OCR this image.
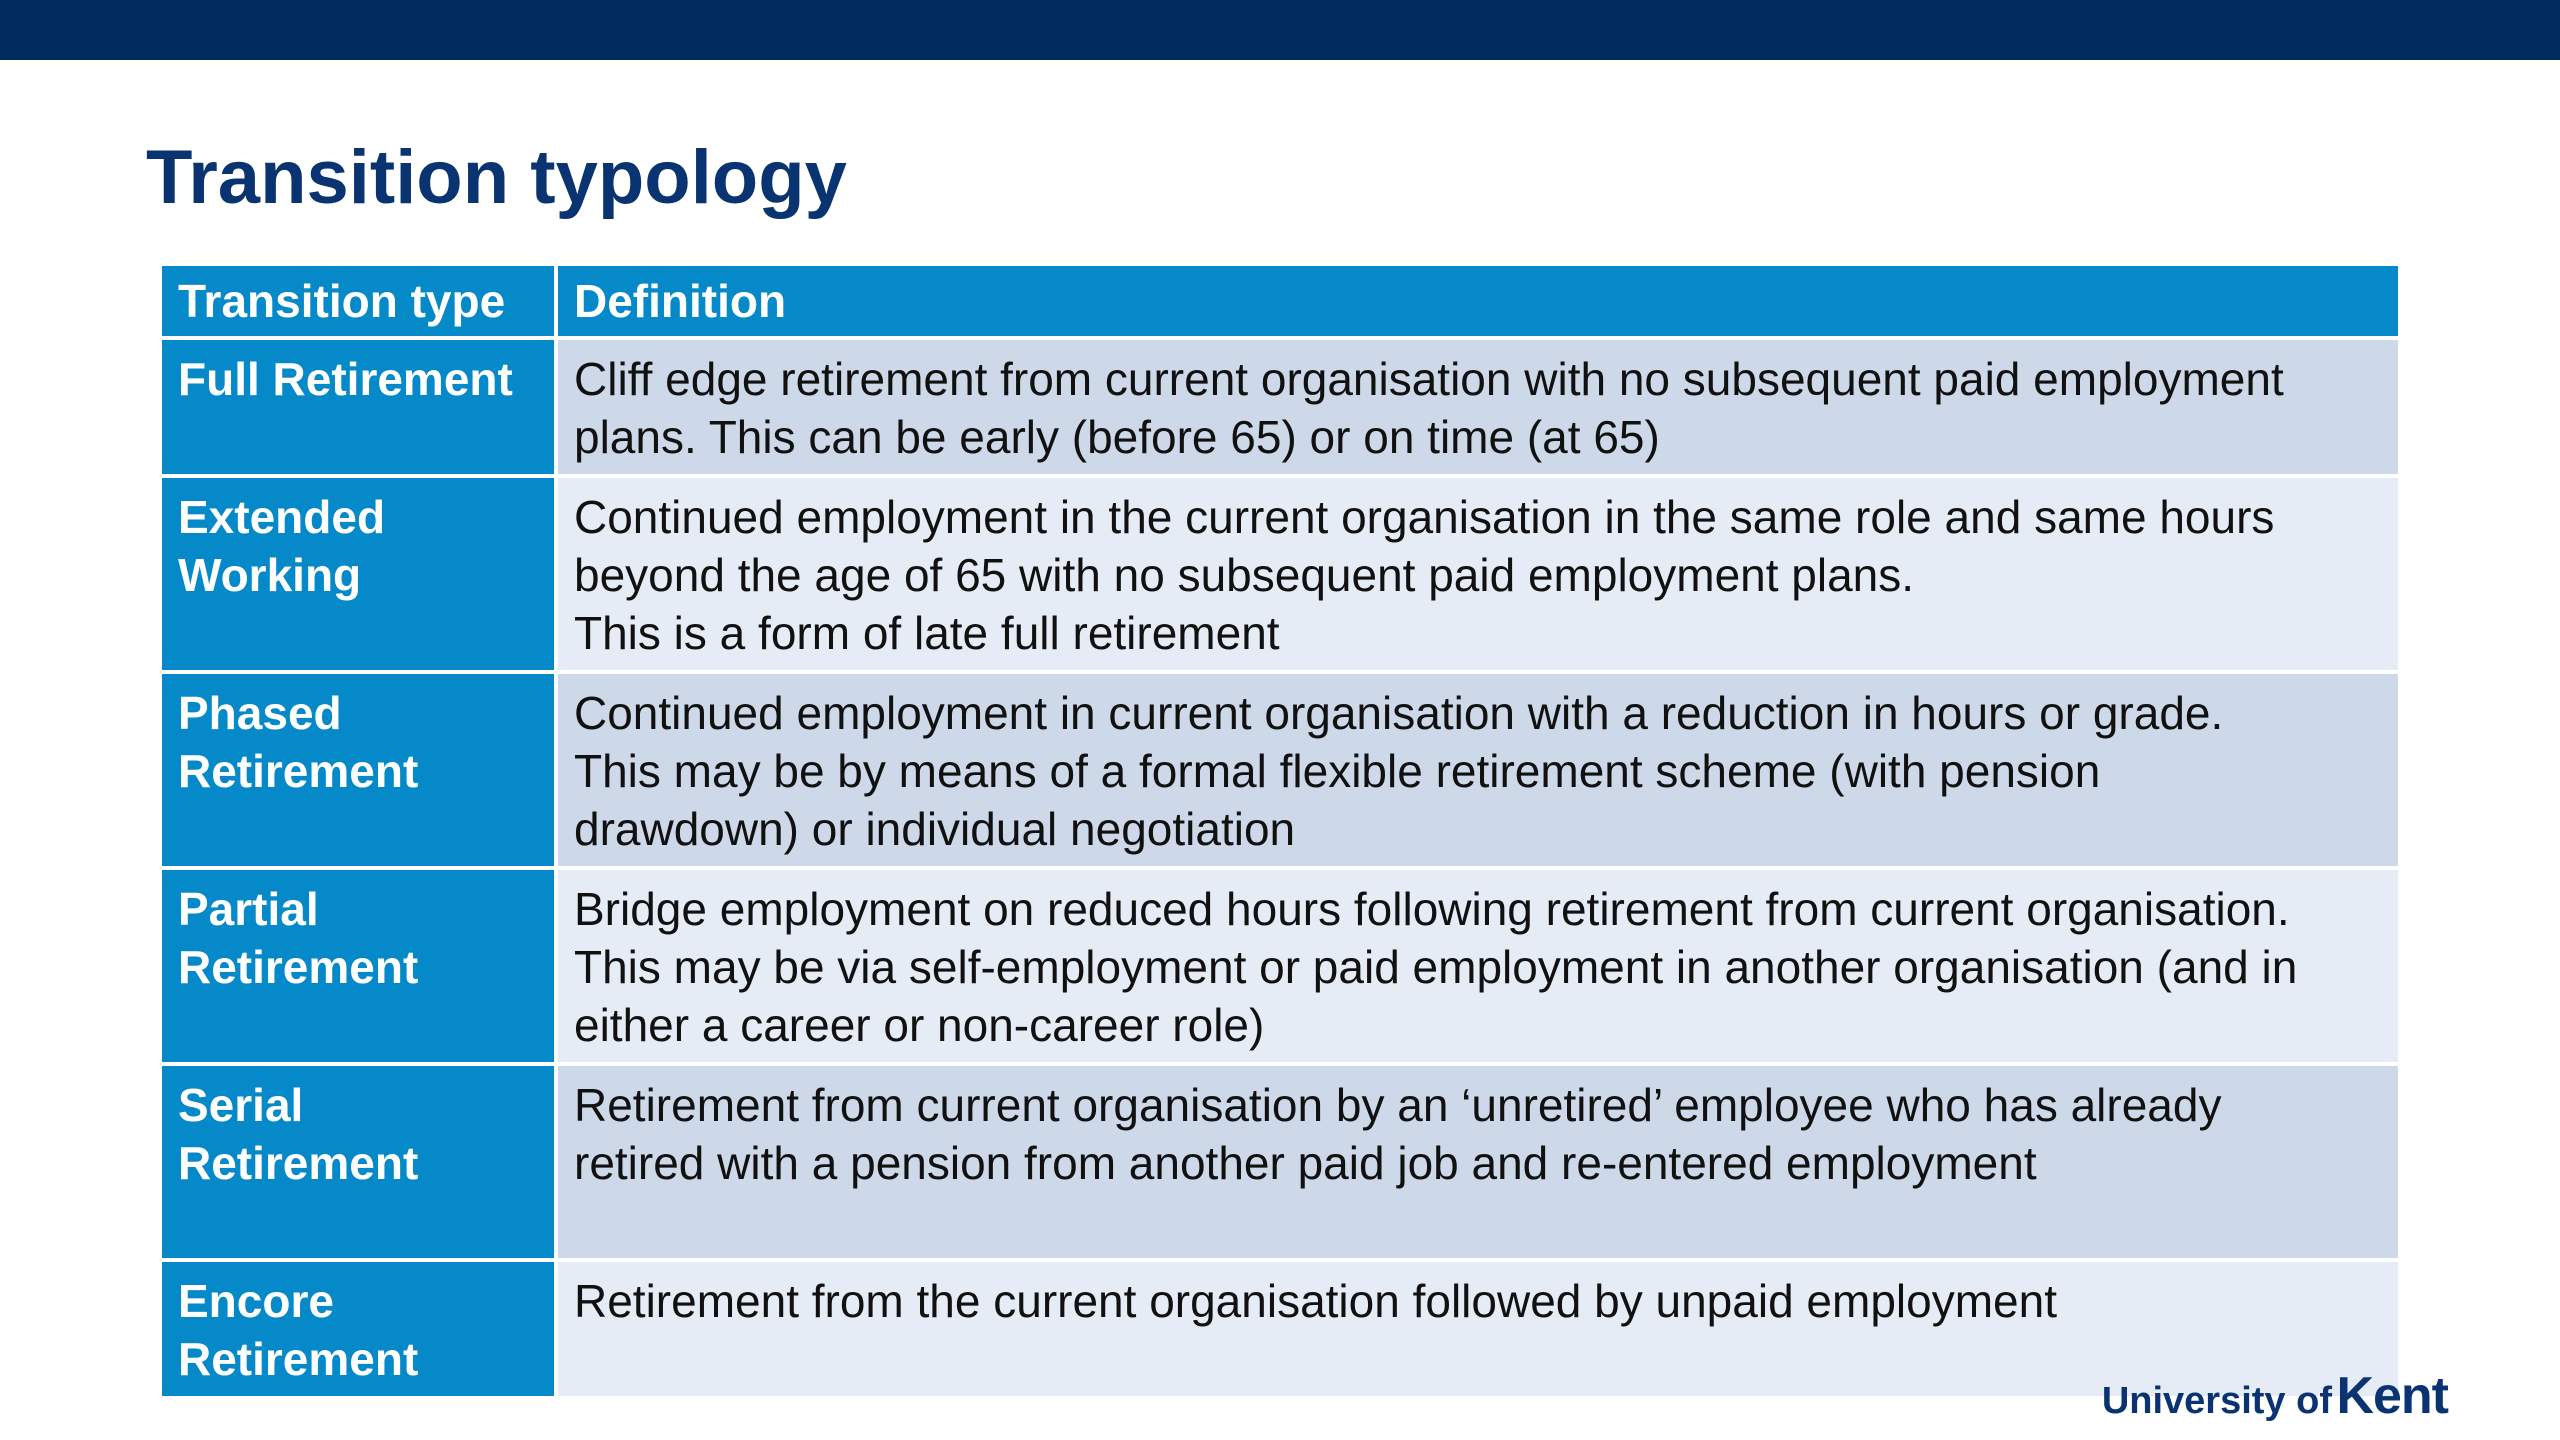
Transition typology
Transition type	Definition
Full Retirement	Cliff edge retirement from current organisation with no subsequent paid employment
plans. This can be early (before 65) or on time (at 65)

Extended Working	Continued employment in the current organisation in the same role and same hours
beyond the age of 65 with no subsequent paid employment plans.
This is a form of late full retirement

Phased Retirement	Continued employment in current organisation with a reduction in hours or grade.
This may be by means of a formal flexible retirement scheme (with pension
drawdown) or individual negotiation

Partial Retirement	Bridge employment on reduced hours following retirement from current organisation.
This may be via self-employment or paid employment in another organisation (and in
either a career or non-career role)

Serial Retirement	Retirement from current organisation by an ‘unretired’ employee who has already
retired with a pension from another paid job and re-entered employment

Encore Retirement	Retirement from the current organisation followed by unpaid employment
University of Kent
